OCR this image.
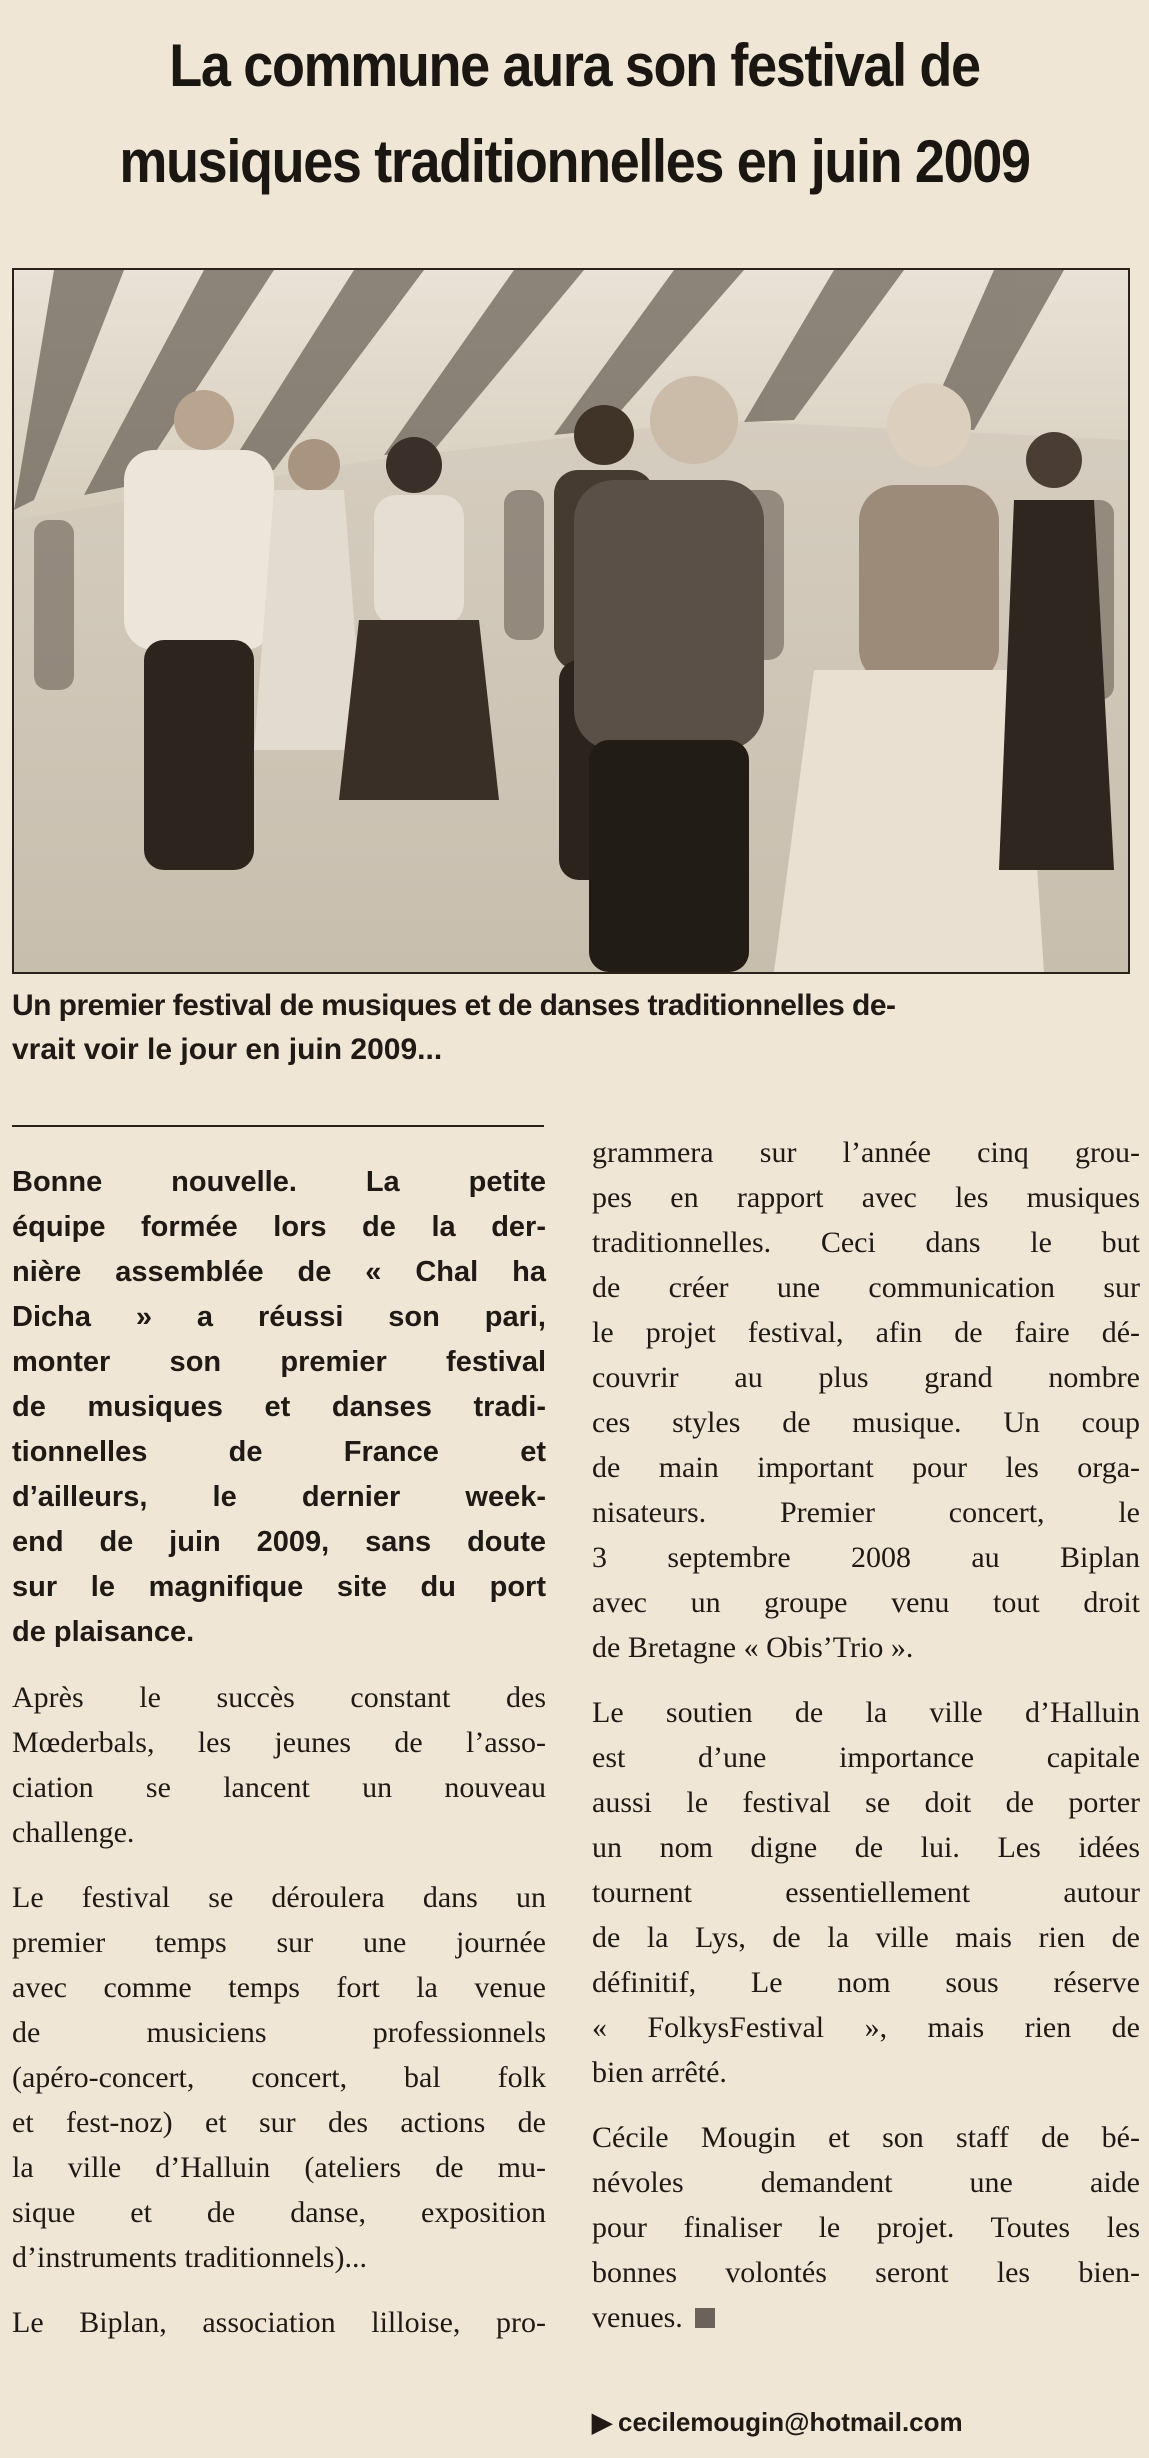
La commune aura son festival de
musiques traditionnelles en juin 2009
Un premier festival de musiques et de danses traditionnelles de-
vrait voir le jour en juin 2009...
Bonne nouvelle. La petite
équipe formée lors de la der-
nière assemblée de « Chal ha
Dicha » a réussi son pari,
monter son premier festival
de musiques et danses tradi-
tionnelles de France et
d’ailleurs, le dernier week-
end de juin 2009, sans doute
sur le magnifique site du port
de plaisance.
Après le succès constant des
Mœderbals, les jeunes de l’asso-
ciation se lancent un nouveau
challenge.
Le festival se déroulera dans un
premier temps sur une journée
avec comme temps fort la venue
de musiciens professionnels
(apéro-concert, concert, bal folk
et fest-noz) et sur des actions de
la ville d’Halluin (ateliers de mu-
sique et de danse, exposition
d’instruments traditionnels)...
Le Biplan, association lilloise, pro-
grammera sur l’année cinq grou-
pes en rapport avec les musiques
traditionnelles. Ceci dans le but
de créer une communication sur
le projet festival, afin de faire dé-
couvrir au plus grand nombre
ces styles de musique. Un coup
de main important pour les orga-
nisateurs. Premier concert, le
3 septembre 2008 au Biplan
avec un groupe venu tout droit
de Bretagne « Obis’Trio ».
Le soutien de la ville d’Halluin
est d’une importance capitale
aussi le festival se doit de porter
un nom digne de lui. Les idées
tournent essentiellement autour
de la Lys, de la ville mais rien de
définitif, Le nom sous réserve
« FolkysFestival », mais rien de
bien arrêté.
Cécile Mougin et son staff de bé-
névoles demandent une aide
pour finaliser le projet. Toutes les
bonnes volontés seront les bien-
venues.
▶ cecilemougin@hotmail.com
